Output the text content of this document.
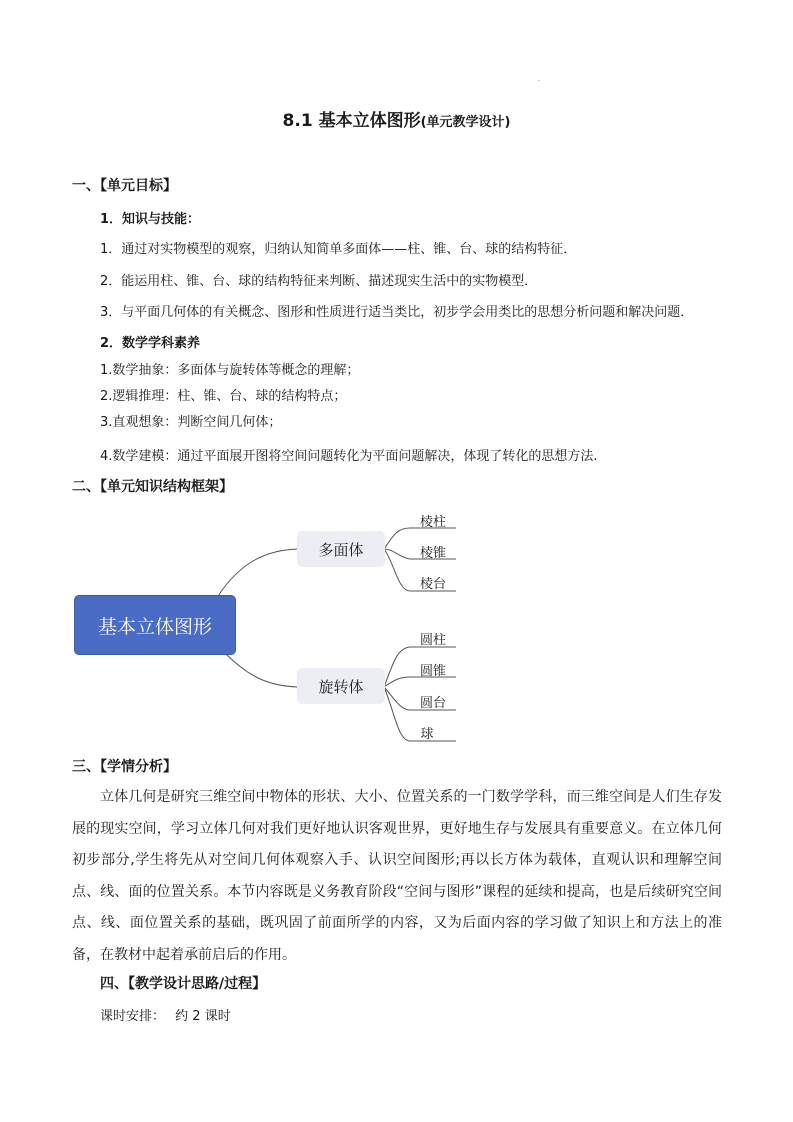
8.1 基本立体图形(单元教学设计)
一、【单元目标】
1．知识与技能：
1．通过对实物模型的观察，归纳认知简单多面体——柱、锥、台、球的结构特征．
2．能运用柱、锥、台、球的结构特征来判断、描述现实生活中的实物模型．
3．与平面几何体的有关概念、图形和性质进行适当类比，初步学会用类比的思想分析问题和解决问题．
2．数学学科素养
1.数学抽象：多面体与旋转体等概念的理解；
2.逻辑推理：柱、锥、台、球的结构特点；
3.直观想象：判断空间几何体；
4.数学建模：通过平面展开图将空间问题转化为平面问题解决，体现了转化的思想方法.
二、【单元知识结构框架】
基本立体图形
多面体
旋转体
棱柱
棱锥
棱台
圆柱
圆锥
圆台
球
三、【学情分析】

立体几何是研究三维空间中物体的形状、大小、位置关系的一门数学学科，而三维空间是人们生存发展的现实空间，学习立体几何对我们更好地认识客观世界，更好地生存与发展具有重要意义。在立体几何初步部分,学生将先从对空间几何体观察入手、认识空间图形;再以长方体为载体，直观认识和理解空间点、线、面的位置关系。本节内容既是义务教育阶段“空间与图形”课程的延续和提高，也是后续研究空间点、线、面位置关系的基础，既巩固了前面所学的内容，又为后面内容的学习做了知识上和方法上的准备，在教材中起着承前启后的作用。

四、【教学设计思路/过程】
课时安排： 约 2 课时
